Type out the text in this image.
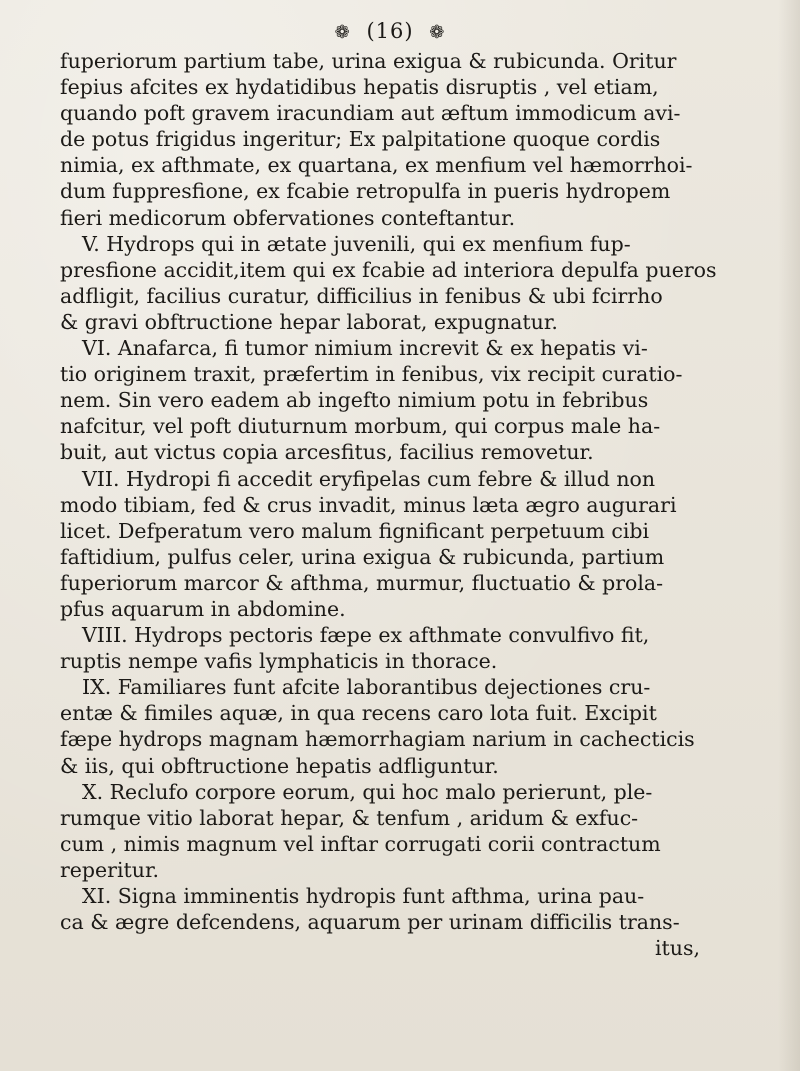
❁ (16) ❁
fuperiorum partium tabe, urina exigua & rubicunda. Oritur
fepius afcites ex hydatidibus hepatis disruptis , vel etiam,
quando poft gravem iracundiam aut æftum immodicum avi-
de potus frigidus ingeritur; Ex palpitatione quoque cordis
nimia, ex afthmate, ex quartana, ex menfium vel hæmorrhoi-
dum fuppresfione, ex fcabie retropulfa in pueris hydropem
fieri medicorum obfervationes conteftantur.
V. Hydrops qui in ætate juvenili, qui ex menfium fup-
presfione accidit,item qui ex fcabie ad interiora depulfa pueros
adfligit, facilius curatur, difficilius in fenibus & ubi fcirrho
& gravi obftructione hepar laborat, expugnatur.
VI. Anafarca, fi tumor nimium increvit & ex hepatis vi-
tio originem traxit, præfertim in fenibus, vix recipit curatio-
nem. Sin vero eadem ab ingefto nimium potu in febribus
nafcitur, vel poft diuturnum morbum, qui corpus male ha-
buit, aut victus copia arcesfitus, facilius removetur.
VII. Hydropi fi accedit eryfipelas cum febre & illud non
modo tibiam, fed & crus invadit, minus læta ægro augurari
licet. Defperatum vero malum fignificant perpetuum cibi
faftidium, pulfus celer, urina exigua & rubicunda, partium
fuperiorum marcor & afthma, murmur, fluctuatio & prola-
pfus aquarum in abdomine.
VIII. Hydrops pectoris fæpe ex afthmate convulfivo fit,
ruptis nempe vafis lymphaticis in thorace.
IX. Familiares funt afcite laborantibus dejectiones cru-
entæ & fimiles aquæ, in qua recens caro lota fuit. Excipit
fæpe hydrops magnam hæmorrhagiam narium in cachecticis
& iis, qui obftructione hepatis adfliguntur.
X. Reclufo corpore eorum, qui hoc malo perierunt, ple-
rumque vitio laborat hepar, & tenfum , aridum & exfuc-
cum , nimis magnum vel inftar corrugati corii contractum
reperitur.
XI. Signa imminentis hydropis funt afthma, urina pau-
ca & ægre defcendens, aquarum per urinam difficilis trans-
itus,
